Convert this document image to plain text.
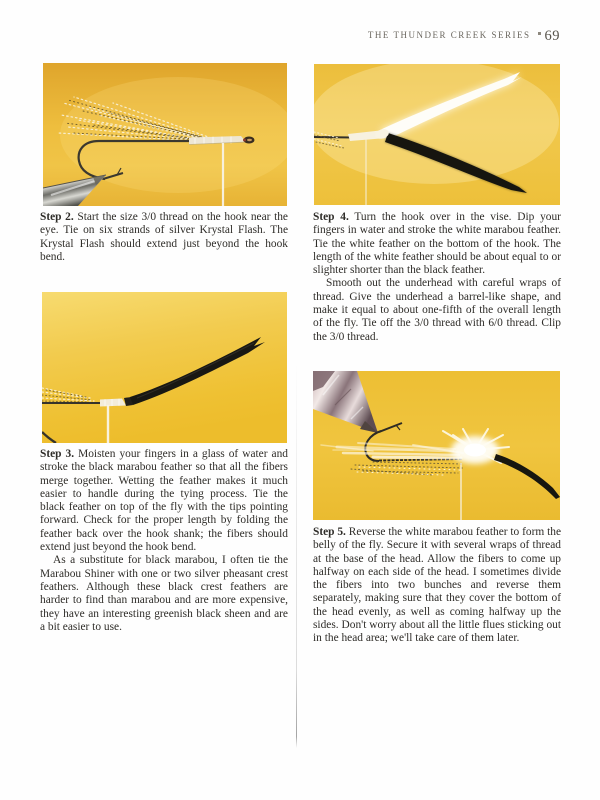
THE THUNDER CREEK SERIES 69

Step 2. Start the size 3/0 thread on the hook near the eye. Tie on six strands of silver Krystal Flash. The Krystal Flash should extend just beyond the hook bend.

Step 3. Moisten your fingers in a glass of water and stroke the black marabou feather so that all the fibers merge together. Wetting the feather makes it much easier to handle during the tying process. Tie the black feather on top of the fly with the tips pointing forward. Check for the proper length by folding the feather back over the hook shank; the fibers should extend just beyond the hook bend.

As a substitute for black marabou, I often tie the Marabou Shiner with one or two silver pheasant crest feathers. Although these black crest feathers are harder to find than marabou and are more expensive, they have an interesting greenish black sheen and are a bit easier to use.

Step 4. Turn the hook over in the vise. Dip your fingers in water and stroke the white marabou feather. Tie the white feather on the bottom of the hook. The length of the white feather should be about equal to or slighter shorter than the black feather.

Smooth out the underhead with careful wraps of thread. Give the underhead a barrel-like shape, and make it equal to about one-fifth of the overall length of the fly. Tie off the 3/0 thread with 6/0 thread. Clip the 3/0 thread.

Step 5. Reverse the white marabou feather to form the belly of the fly. Secure it with several wraps of thread at the base of the head. Allow the fibers to come up halfway on each side of the head. I sometimes divide the fibers into two bunches and reverse them separately, making sure that they cover the bottom of the head evenly, as well as coming halfway up the sides. Don't worry about all the little flues sticking out in the head area; we'll take care of them later.
